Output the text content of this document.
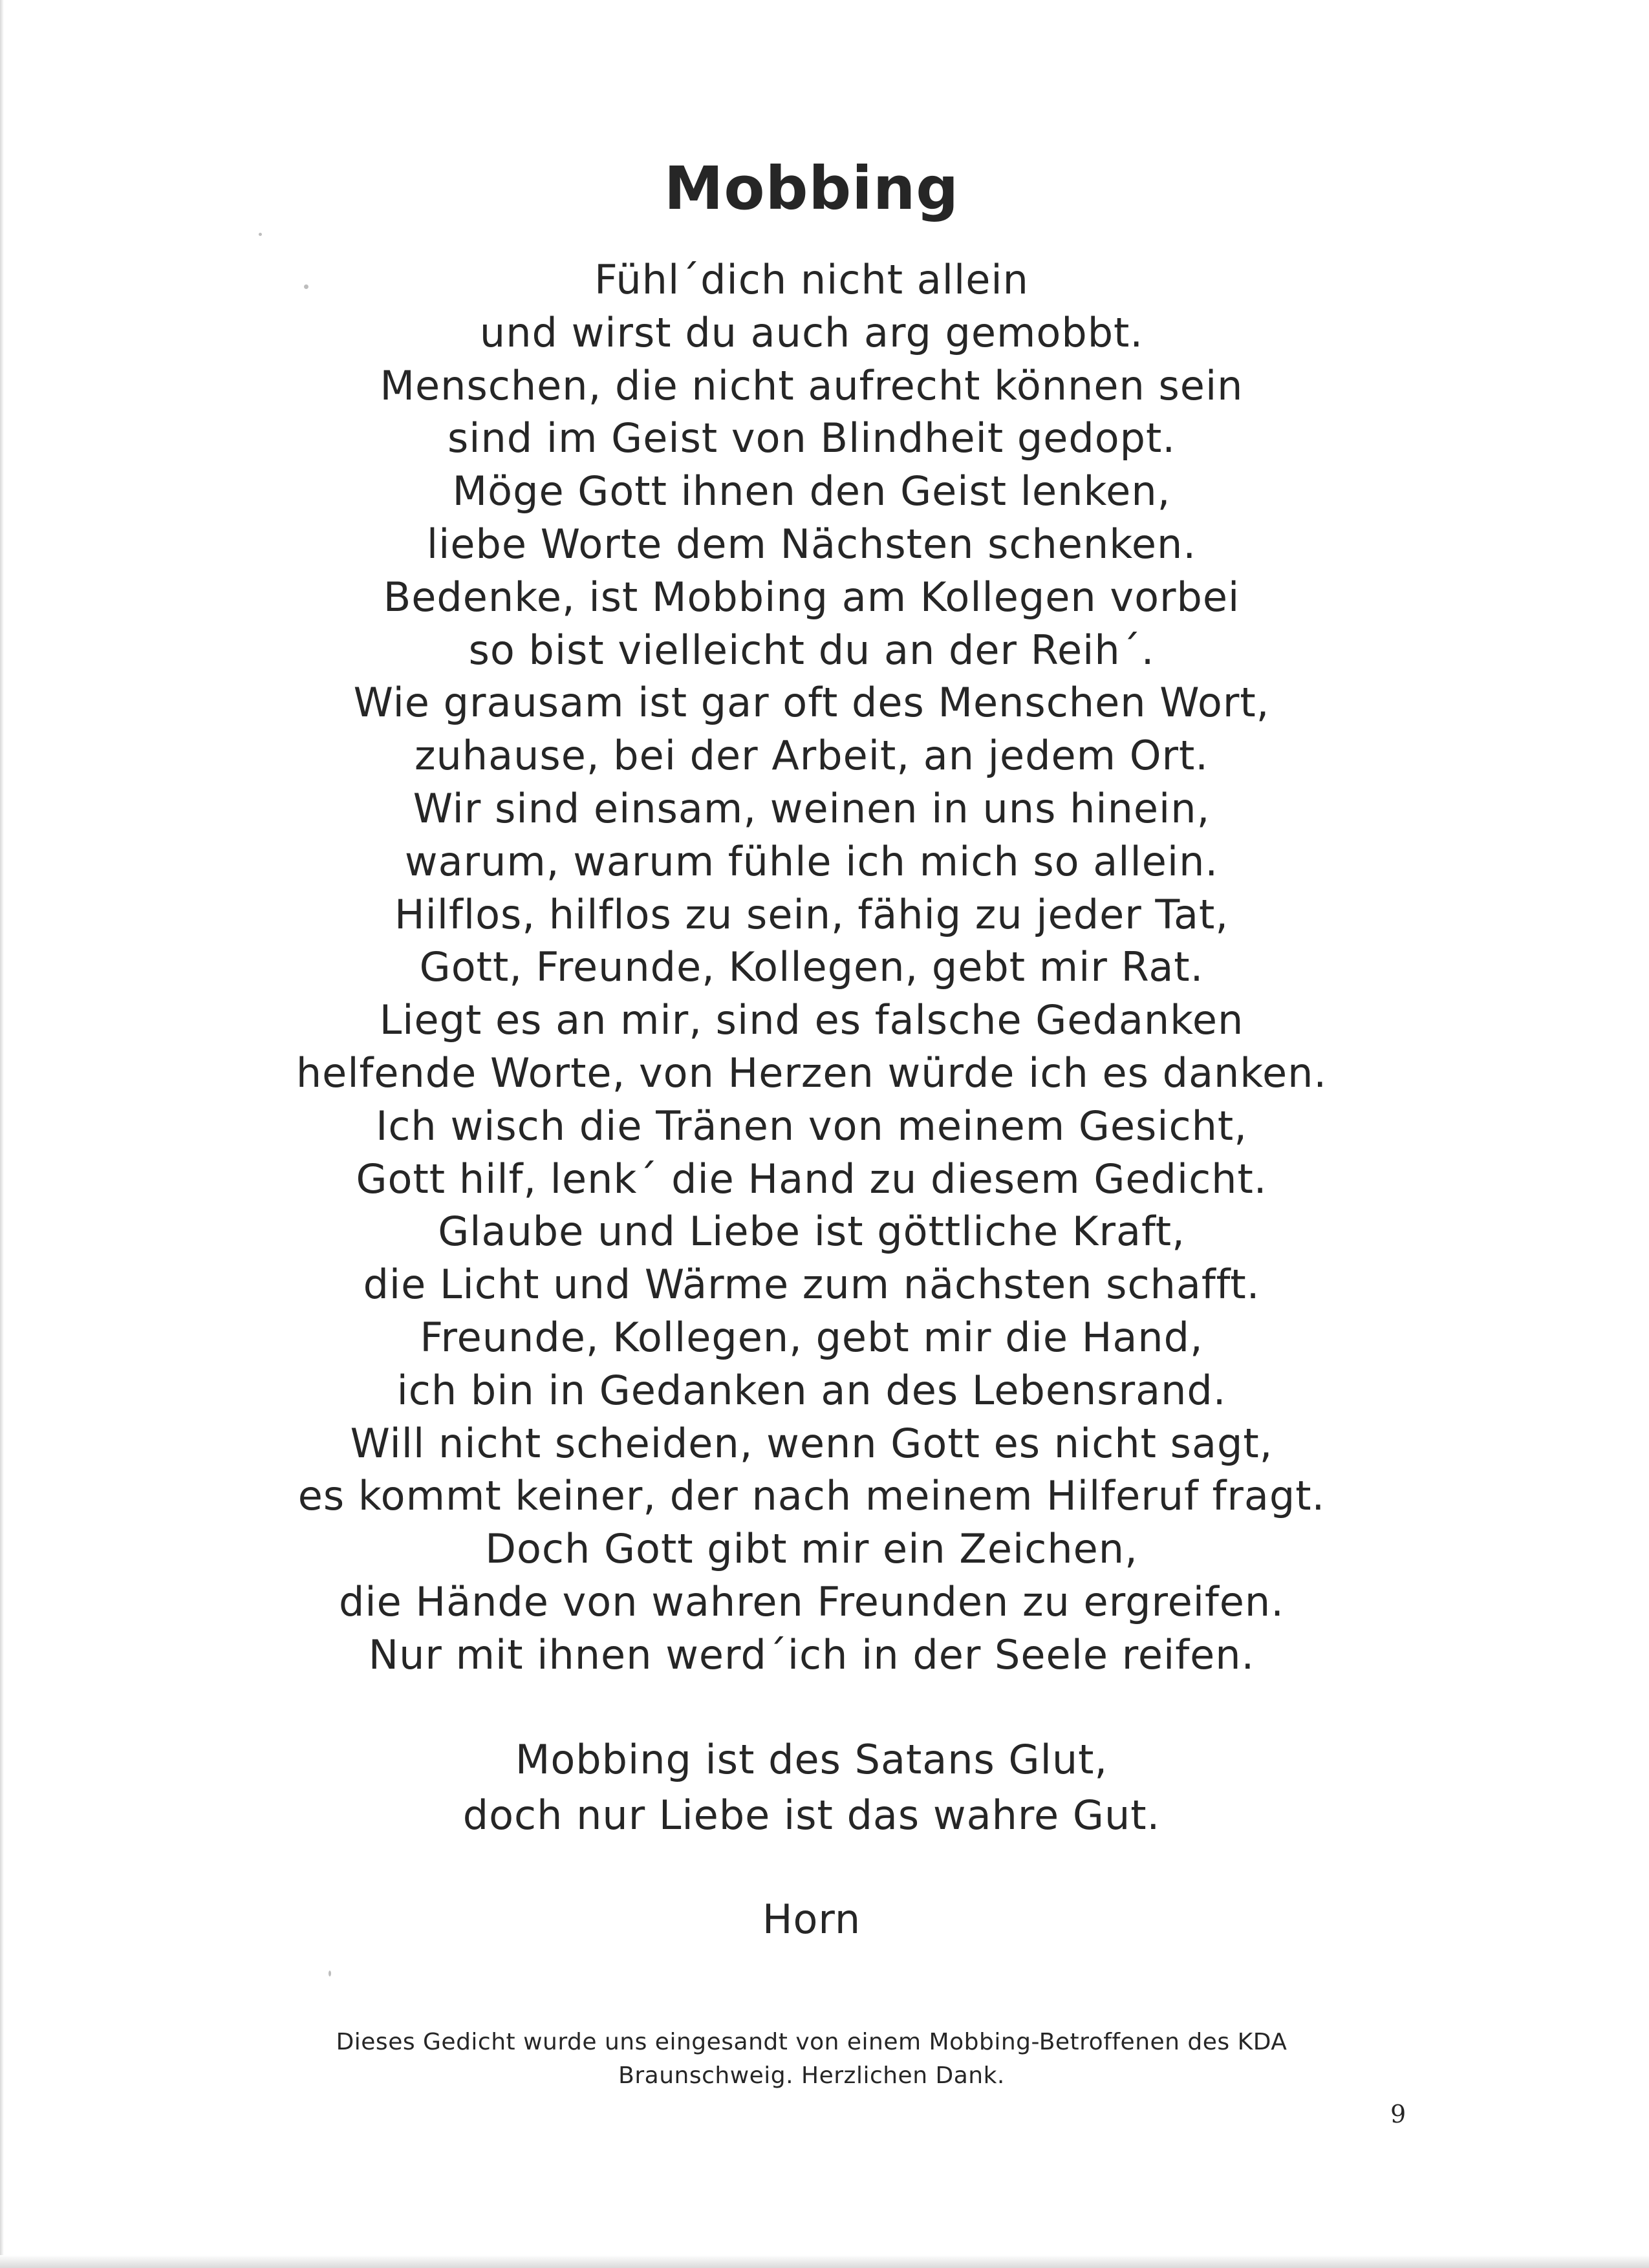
Mobbing
Fühl´dich nicht allein
und wirst du auch arg gemobbt.
Menschen, die nicht aufrecht können sein
sind im Geist von Blindheit gedopt.
Möge Gott ihnen den Geist lenken,
liebe Worte dem Nächsten schenken.
Bedenke, ist Mobbing am Kollegen vorbei
so bist vielleicht du an der Reih´.
Wie grausam ist gar oft des Menschen Wort,
zuhause, bei der Arbeit, an jedem Ort.
Wir sind einsam, weinen in uns hinein,
warum, warum fühle ich mich so allein.
Hilflos, hilflos zu sein, fähig zu jeder Tat,
Gott, Freunde, Kollegen, gebt mir Rat.
Liegt es an mir, sind es falsche Gedanken
helfende Worte, von Herzen würde ich es danken.
Ich wisch die Tränen von meinem Gesicht,
Gott hilf, lenk´ die Hand zu diesem Gedicht.
Glaube und Liebe ist göttliche Kraft,
die Licht und Wärme zum nächsten schafft.
Freunde, Kollegen, gebt mir die Hand,
ich bin in Gedanken an des Lebensrand.
Will nicht scheiden, wenn Gott es nicht sagt,
es kommt keiner, der nach meinem Hilferuf fragt.
Doch Gott gibt mir ein Zeichen,
die Hände von wahren Freunden zu ergreifen.
Nur mit ihnen werd´ich in der Seele reifen.
Mobbing ist des Satans Glut,
doch nur Liebe ist das wahre Gut.
Horn
Dieses Gedicht wurde uns eingesandt von einem Mobbing-Betroffenen des KDA
Braunschweig. Herzlichen Dank.
9
